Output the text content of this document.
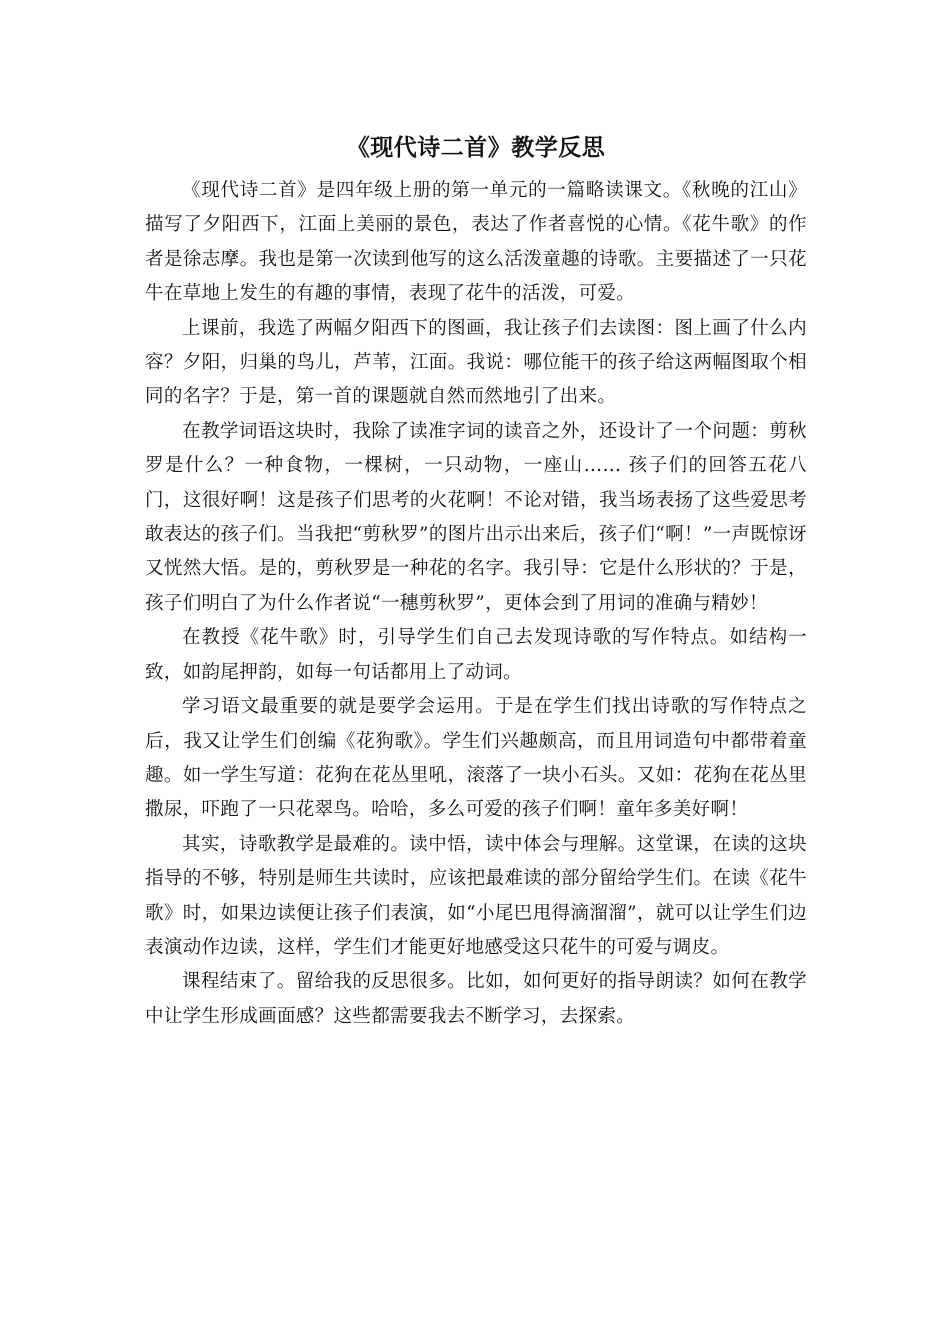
《现代诗二首》教学反思

《现代诗二首》是四年级上册的第一单元的一篇略读课文。《秋晚的江山》描写了夕阳西下，江面上美丽的景色，表达了作者喜悦的心情。《花牛歌》的作者是徐志摩。我也是第一次读到他写的这么活泼童趣的诗歌。主要描述了一只花牛在草地上发生的有趣的事情，表现了花牛的活泼，可爱。

上课前，我选了两幅夕阳西下的图画，我让孩子们去读图：图上画了什么内容？夕阳，归巢的鸟儿，芦苇，江面。我说：哪位能干的孩子给这两幅图取个相同的名字？于是，第一首的课题就自然而然地引了出来。

在教学词语这块时，我除了读准字词的读音之外，还设计了一个问题：剪秋罗是什么？一种食物，一棵树，一只动物，一座山…… 孩子们的回答五花八门，这很好啊！这是孩子们思考的火花啊！不论对错，我当场表扬了这些爱思考敢表达的孩子们。当我把“剪秋罗”的图片出示出来后，孩子们“啊！”一声既惊讶又恍然大悟。是的，剪秋罗是一种花的名字。我引导：它是什么形状的？于是，孩子们明白了为什么作者说“一穗剪秋罗”，更体会到了用词的准确与精妙！

在教授《花牛歌》时，引导学生们自己去发现诗歌的写作特点。如结构一致，如韵尾押韵，如每一句话都用上了动词。

学习语文最重要的就是要学会运用。于是在学生们找出诗歌的写作特点之后，我又让学生们创编《花狗歌》。学生们兴趣颇高，而且用词造句中都带着童趣。如一学生写道：花狗在花丛里吼，滚落了一块小石头。又如：花狗在花丛里撒尿，吓跑了一只花翠鸟。哈哈，多么可爱的孩子们啊！童年多美好啊！

其实，诗歌教学是最难的。读中悟，读中体会与理解。这堂课，在读的这块指导的不够，特别是师生共读时，应该把最难读的部分留给学生们。在读《花牛歌》时，如果边读便让孩子们表演，如“小尾巴甩得滴溜溜”，就可以让学生们边表演动作边读，这样，学生们才能更好地感受这只花牛的可爱与调皮。

课程结束了。留给我的反思很多。比如，如何更好的指导朗读？如何在教学中让学生形成画面感？这些都需要我去不断学习，去探索。
